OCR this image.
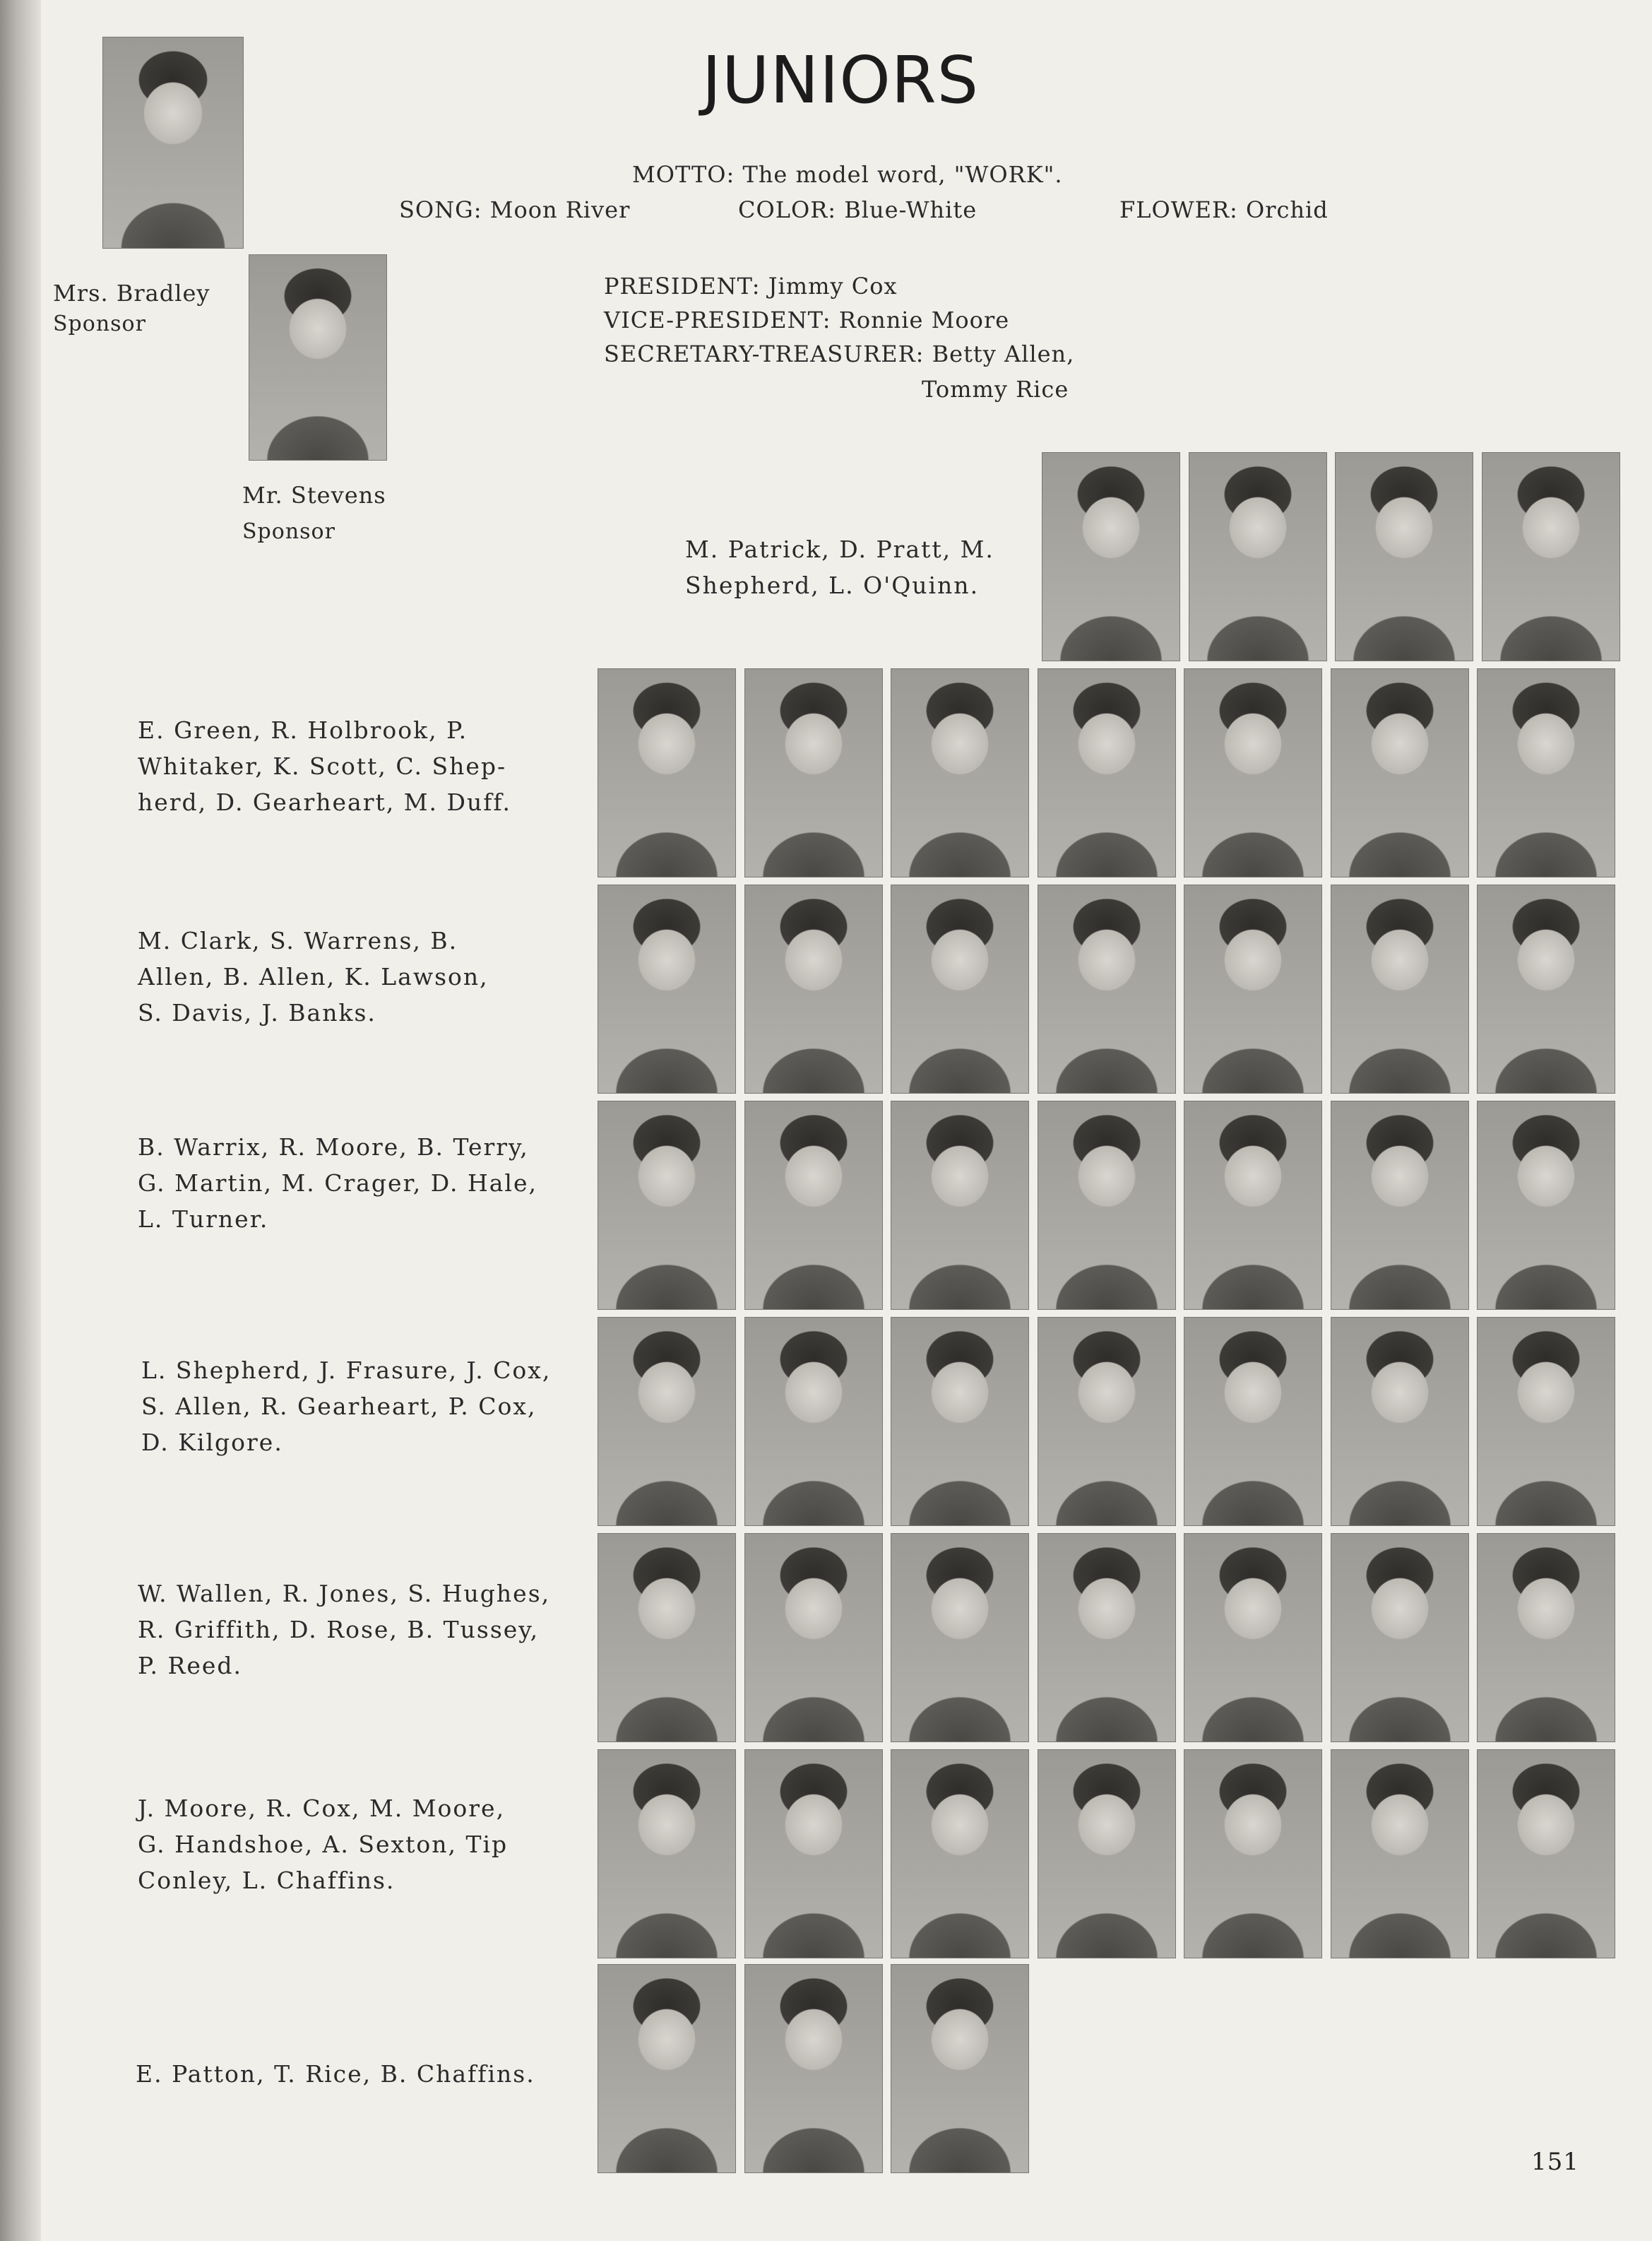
JUNIORS
MOTTO: The model word, "WORK".
SONG: Moon River	COLOR: Blue-White	FLOWER: Orchid
PRESIDENT: Jimmy Cox
VICE-PRESIDENT: Ronnie Moore
SECRETARY-TREASURER: Betty Allen,
Tommy Rice
Mrs. Bradley
Sponsor
Mr. Stevens
Sponsor
M. Patrick, D. Pratt, M.
Shepherd, L. O'Quinn.
E. Green, R. Holbrook, P.
Whitaker, K. Scott, C. Shep-
herd, D. Gearheart, M. Duff.
M. Clark, S. Warrens, B.
Allen, B. Allen, K. Lawson,
S. Davis, J. Banks.
B. Warrix, R. Moore, B. Terry,
G. Martin, M. Crager, D. Hale,
L. Turner.
L. Shepherd, J. Frasure, J. Cox,
S. Allen, R. Gearheart, P. Cox,
D. Kilgore.
W. Wallen, R. Jones, S. Hughes,
R. Griffith, D. Rose, B. Tussey,
P. Reed.
J. Moore, R. Cox, M. Moore,
G. Handshoe, A. Sexton, Tip
Conley, L. Chaffins.
E. Patton, T. Rice, B. Chaffins.
151
